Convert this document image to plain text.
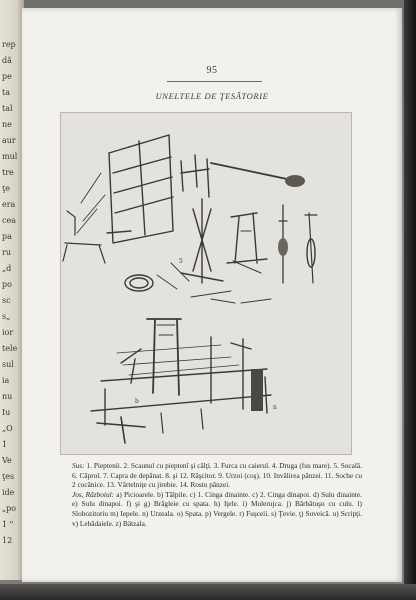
rep
dă
pe
ta
tal
ne
aur
mul
tre
ţe
era
cea
pa
ru
„d
po
sc
s„
ior
tele
sul
ia
nu
Iu
„O
1
Ve
ţes
ide
„po
1 "
12
95
UNELTELE DE ŢESĂTORIE
n
b
5

Sus: 1. Pieptenii. 2. Scaunul cu pieptenî şi câlţi. 3. Furca cu caierul. 4. Druga (fus mare). 5. Socală. 6. Căprol. 7. Capra de depănat. 8. şi 12. Răşcitor. 9. Urzoi (coş). 10. Invălirea pânzei. 11. Soche cu 2 cocânice. 13. Vârtelniţe cu jirebie. 14. Rostu pânzei.

Jos, Războiul: a) Picioarele. b) Tălpile. c) 1. Cinga dinainte. c) 2. Cinga dinapoi. d) Sulu dinainte. e) Sulu dinapoi. f) şi g) Brăgleie cu spata. h) Iţele. i) Mulerujca. j) Bărbătuşu cu culu. l) Slobozitoriu m) Iepele. n) Urzeala. o) Spata. p) Vergele. r) Fuşceii. s) Ţevie. ţ) Suveică. u) Scripţi. v) Lebădaiele. z) Bătzala.
